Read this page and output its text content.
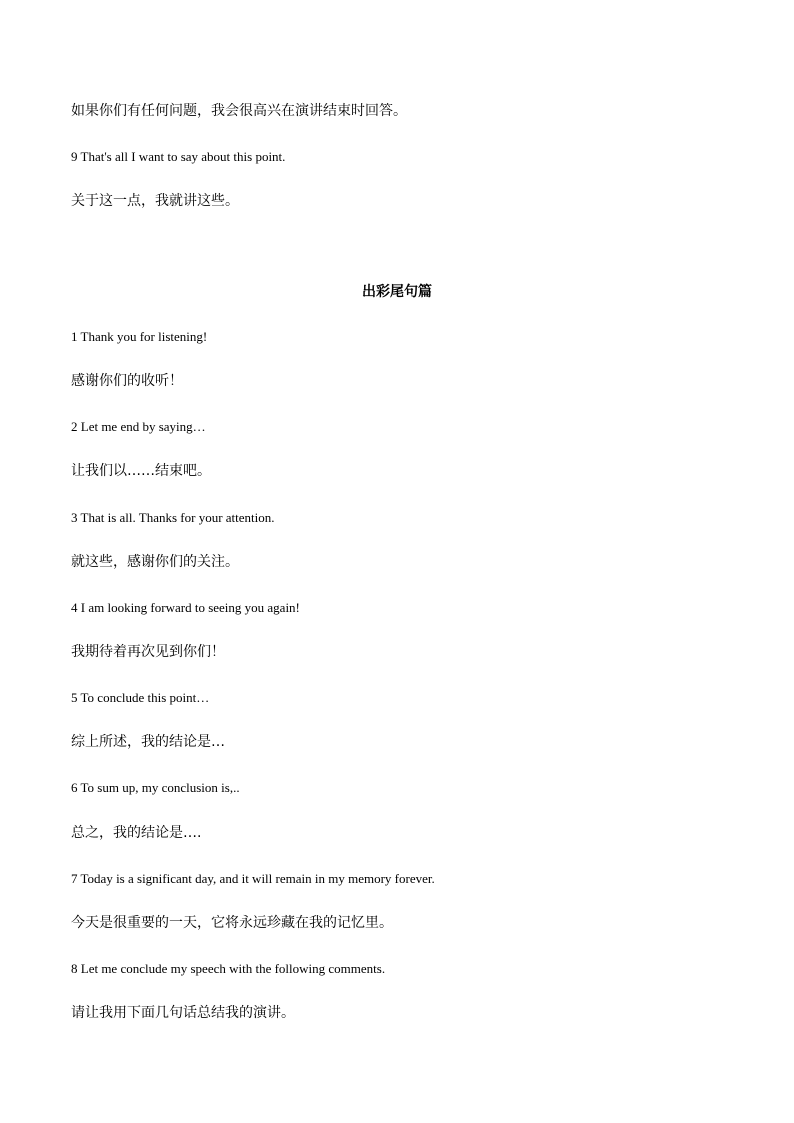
如果你们有任何问题，我会很高兴在演讲结束时回答。
9 That's all I want to say about this point.
关于这一点，我就讲这些。
出彩尾句篇
1 Thank you for listening!
感谢你们的收听！
2 Let me end by saying…
让我们以……结束吧。
3 That is all. Thanks for your attention.
就这些，感谢你们的关注。
4 I am looking forward to seeing you again!
我期待着再次见到你们！
5 To conclude this point…
综上所述，我的结论是…
6 To sum up, my conclusion is,..
总之，我的结论是….
7 Today is a significant day, and it will remain in my memory forever.
今天是很重要的一天，它将永远珍藏在我的记忆里。
8 Let me conclude my speech with the following comments.
请让我用下面几句话总结我的演讲。
